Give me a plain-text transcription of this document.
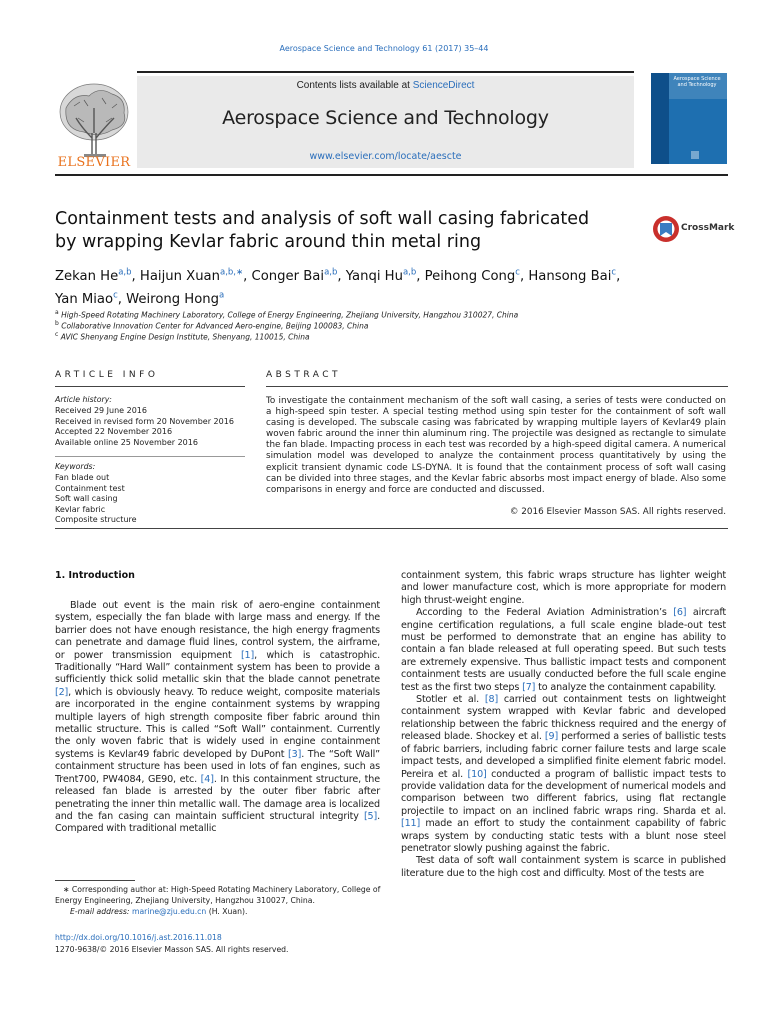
Aerospace Science and Technology 61 (2017) 35–44
ELSEVIER
Contents lists available at ScienceDirect
Aerospace Science and Technology
www.elsevier.com/locate/aescte
Aerospace Science and Technology
Containment tests and analysis of soft wall casing fabricated
by wrapping Kevlar fabric around thin metal ring
CrossMark
Zekan He$^{a,b}$, Haijun Xuan$^{a,b,∗}$, Conger Bai$^{a,b}$, Yanqi Hu$^{a,b}$, Peihong Cong$^c$, Hansong Bai$^c$,
Yan Miao$^c$, Weirong Hong$^a$
$^a$ High-Speed Rotating Machinery Laboratory, College of Energy Engineering, Zhejiang University, Hangzhou 310027, China
$^b$ Collaborative Innovation Center for Advanced Aero-engine, Beijing 100083, China
$^c$ AVIC Shenyang Engine Design Institute, Shenyang, 110015, China
ARTICLE INFO
Article history:
Received 29 June 2016
Received in revised form 20 November 2016
Accepted 22 November 2016
Available online 25 November 2016
Keywords:
Fan blade out
Containment test
Soft wall casing
Kevlar fabric
Composite structure
ABSTRACT
To investigate the containment mechanism of the soft wall casing, a series of tests were conducted on a high-speed spin tester. A special testing method using spin tester for the containment of soft wall casing is developed. The subscale casing was fabricated by wrapping multiple layers of Kevlar49 plain woven fabric around the inner thin aluminum ring. The projectile was designed as rectangle to simulate the fan blade. Impacting process in each test was recorded by a high-speed digital camera. A numerical simulation model was developed to analyze the containment process quantitatively by using the explicit transient dynamic code LS-DYNA. It is found that the containment process of soft wall casing can be divided into three stages, and the Kevlar fabric absorbs most impact energy of blade. Also some comparisons in energy and force are conducted and discussed.
© 2016 Elsevier Masson SAS. All rights reserved.
1. Introduction

Blade out event is the main risk of aero-engine containment system, especially the fan blade with large mass and energy. If the barrier does not have enough resistance, the high energy fragments can penetrate and damage fluid lines, control system, the airframe, or power transmission equipment [1], which is catastrophic. Traditionally “Hard Wall” containment system has been to provide a sufficiently thick solid metallic skin that the blade cannot penetrate [2], which is obviously heavy. To reduce weight, composite materials are incorporated in the engine containment systems by wrapping multiple layers of high strength composite fiber fabric around thin metallic structure. This is called “Soft Wall” containment. Currently the only woven fabric that is widely used in engine containment systems is Kevlar49 fabric developed by DuPont [3]. The “Soft Wall” containment structure has been used in lots of fan engines, such as Trent700, PW4084, GE90, etc. [4]. In this containment structure, the released fan blade is arrested by the outer fiber fabric after penetrating the inner thin metallic wall. The damage area is localized and the fan casing can maintain sufficient structural integrity [5]. Compared with traditional metallic

containment system, this fabric wraps structure has lighter weight and lower manufacture cost, which is more appropriate for modern high thrust-weight engine.

According to the Federal Aviation Administration’s [6] aircraft engine certification regulations, a full scale engine blade-out test must be performed to demonstrate that an engine has ability to contain a fan blade released at full operating speed. But such tests are extremely expensive. Thus ballistic impact tests and component containment tests are usually conducted before the full scale engine test as the first two steps [7] to analyze the containment capability.

Stotler et al. [8] carried out containment tests on lightweight containment system wrapped with Kevlar fabric and developed relationship between the fabric thickness required and the energy of released blade. Shockey et al. [9] performed a series of ballistic tests of fabric barriers, including fabric corner failure tests and large scale impact tests, and developed a simplified finite element fabric model. Pereira et al. [10] conducted a program of ballistic impact tests to provide validation data for the development of numerical models and comparison between two different fabrics, using flat rectangle projectile to impact on an inclined fabric wraps ring. Sharda et al. [11] made an effort to study the containment capability of fabric wraps system by conducting static tests with a blunt nose steel penetrator slowly pushing against the fabric.

Test data of soft wall containment system is scarce in published literature due to the high cost and difficulty. Most of the tests are

∗ Corresponding author at: High-Speed Rotating Machinery Laboratory, College of Energy Engineering, Zhejiang University, Hangzhou 310027, China.
E-mail address: marine@zju.edu.cn (H. Xuan).
http://dx.doi.org/10.1016/j.ast.2016.11.018
1270-9638/© 2016 Elsevier Masson SAS. All rights reserved.
